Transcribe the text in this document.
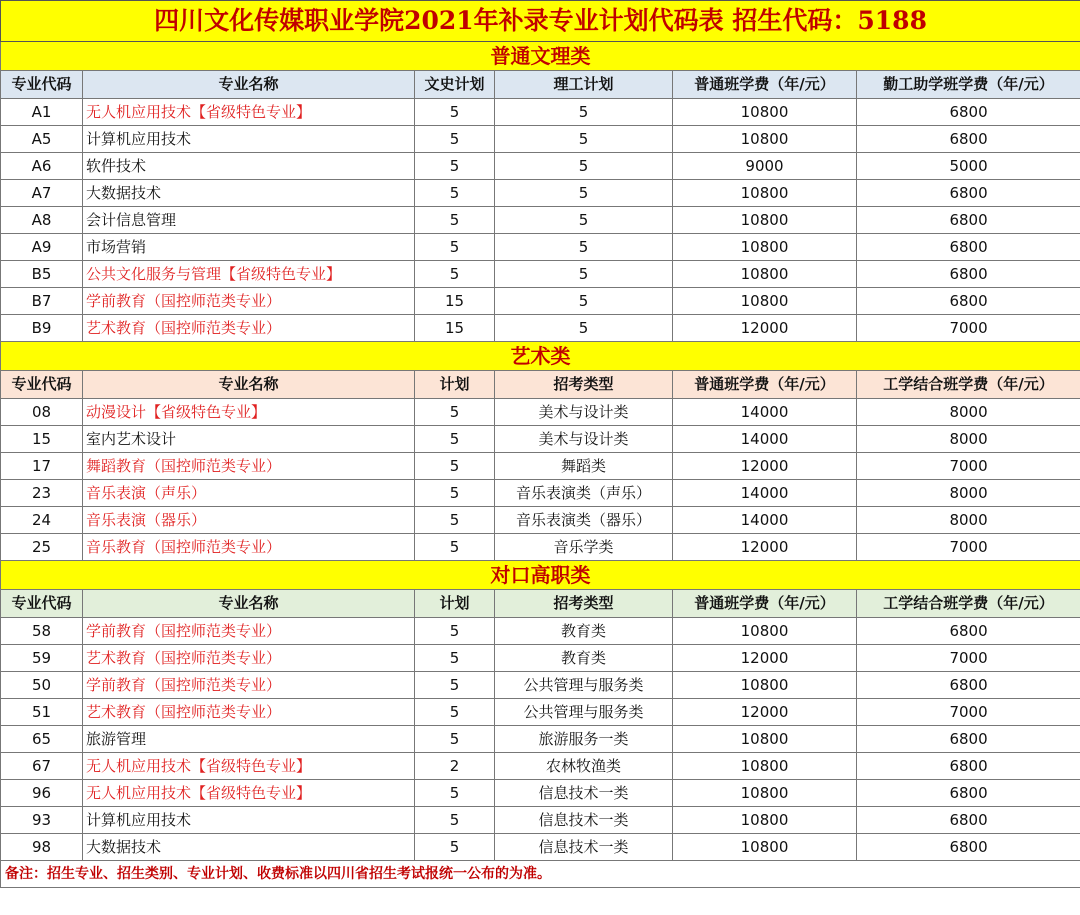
四川文化传媒职业学院2021年补录专业计划代码表 招生代码：5188					
普通文理类					
专业代码	专业名称	文史计划	理工计划	普通班学费（年/元）	勤工助学班学费（年/元）
A1	无人机应用技术【省级特色专业】	5	5	10800	6800
A5	计算机应用技术	5	5	10800	6800
A6	软件技术	5	5	9000	5000
A7	大数据技术	5	5	10800	6800
A8	会计信息管理	5	5	10800	6800
A9	市场营销	5	5	10800	6800
B5	公共文化服务与管理【省级特色专业】	5	5	10800	6800
B7	学前教育（国控师范类专业）	15	5	10800	6800
B9	艺术教育（国控师范类专业）	15	5	12000	7000
艺术类					
专业代码	专业名称	计划	招考类型	普通班学费（年/元）	工学结合班学费（年/元）
08	动漫设计【省级特色专业】	5	美术与设计类	14000	8000
15	室内艺术设计	5	美术与设计类	14000	8000
17	舞蹈教育（国控师范类专业）	5	舞蹈类	12000	7000
23	音乐表演（声乐）	5	音乐表演类（声乐）	14000	8000
24	音乐表演（器乐）	5	音乐表演类（器乐）	14000	8000
25	音乐教育（国控师范类专业）	5	音乐学类	12000	7000
对口高职类					
专业代码	专业名称	计划	招考类型	普通班学费（年/元）	工学结合班学费（年/元）
58	学前教育（国控师范类专业）	5	教育类	10800	6800
59	艺术教育（国控师范类专业）	5	教育类	12000	7000
50	学前教育（国控师范类专业）	5	公共管理与服务类	10800	6800
51	艺术教育（国控师范类专业）	5	公共管理与服务类	12000	7000
65	旅游管理	5	旅游服务一类	10800	6800
67	无人机应用技术【省级特色专业】	2	农林牧渔类	10800	6800
96	无人机应用技术【省级特色专业】	5	信息技术一类	10800	6800
93	计算机应用技术	5	信息技术一类	10800	6800
98	大数据技术	5	信息技术一类	10800	6800
备注：招生专业、招生类别、专业计划、收费标准以四川省招生考试报统一公布的为准。					
